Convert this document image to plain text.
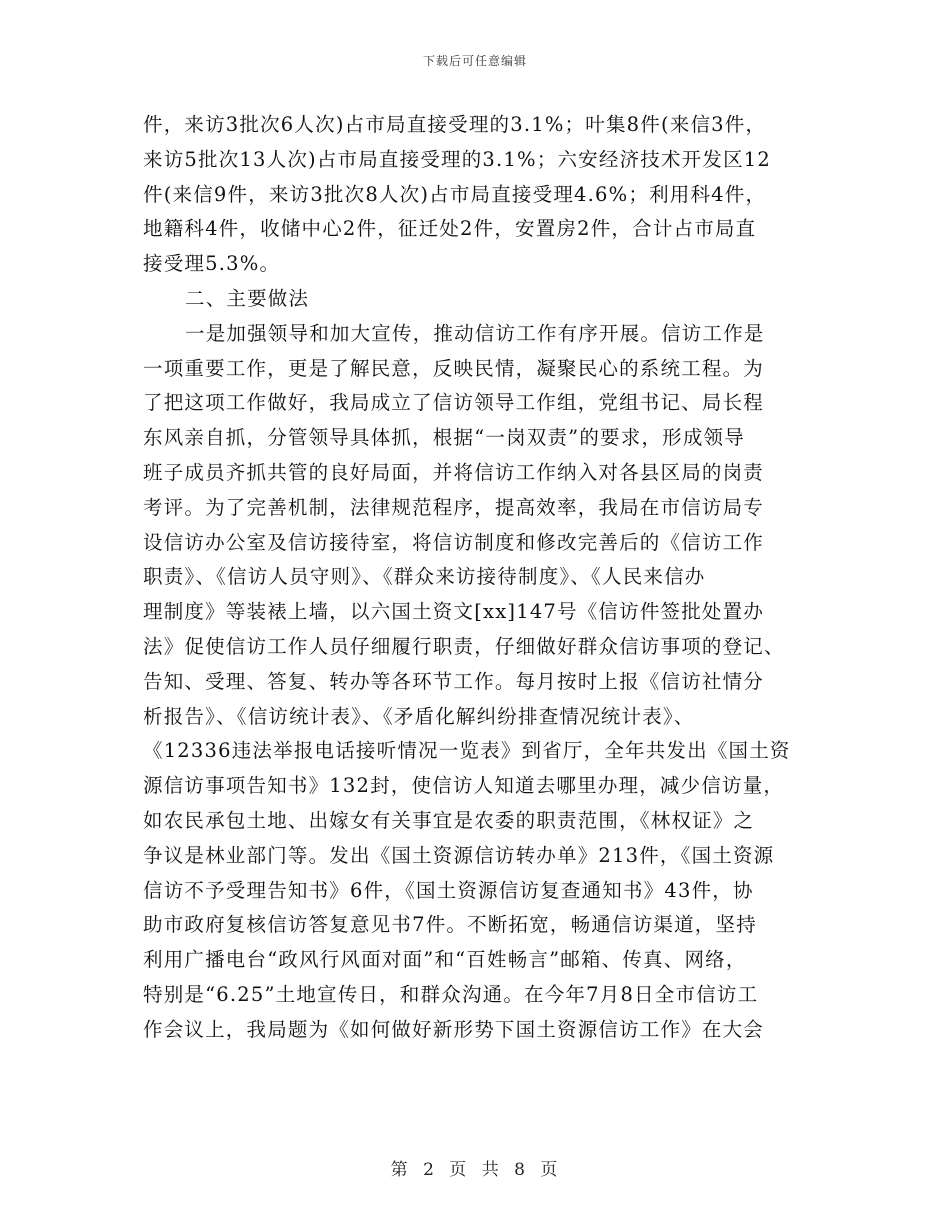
下载后可任意编辑
件，来访3批次6人次)占市局直接受理的3.1%；叶集8件(来信3件，
来访5批次13人次)占市局直接受理的3.1%；六安经济技术开发区12
件(来信9件，来访3批次8人次)占市局直接受理4.6%；利用科4件，
地籍科4件，收储中心2件，征迁处2件，安置房2件，合计占市局直
接受理5.3%。
二、主要做法
一是加强领导和加大宣传，推动信访工作有序开展。信访工作是
一项重要工作，更是了解民意，反映民情，凝聚民心的系统工程。为
了把这项工作做好，我局成立了信访领导工作组，党组书记、局长程
东风亲自抓，分管领导具体抓，根据“一岗双责”的要求，形成领导
班子成员齐抓共管的良好局面，并将信访工作纳入对各县区局的岗责
考评。为了完善机制，法律规范程序，提高效率，我局在市信访局专
设信访办公室及信访接待室，将信访制度和修改完善后的《信访工作
职责》、《信访人员守则》、《群众来访接待制度》、《人民来信办
理制度》等装裱上墙，以六国土资文[xx]147号《信访件签批处置办
法》促使信访工作人员仔细履行职责，仔细做好群众信访事项的登记、
告知、受理、答复、转办等各环节工作。每月按时上报《信访社情分
析报告》、《信访统计表》、《矛盾化解纠纷排查情况统计表》、
《12336违法举报电话接听情况一览表》到省厅，全年共发出《国土资
源信访事项告知书》132封，使信访人知道去哪里办理，减少信访量，
如农民承包土地、出嫁女有关事宜是农委的职责范围，《林权证》之
争议是林业部门等。发出《国土资源信访转办单》213件，《国土资源
信访不予受理告知书》6件，《国土资源信访复查通知书》43件，协
助市政府复核信访答复意见书7件。不断拓宽，畅通信访渠道，坚持
利用广播电台“政风行风面对面”和“百姓畅言”邮箱、传真、网络，
特别是“6.25”土地宣传日，和群众沟通。在今年7月8日全市信访工
作会议上，我局题为《如何做好新形势下国土资源信访工作》在大会
第 2 页 共 8 页
